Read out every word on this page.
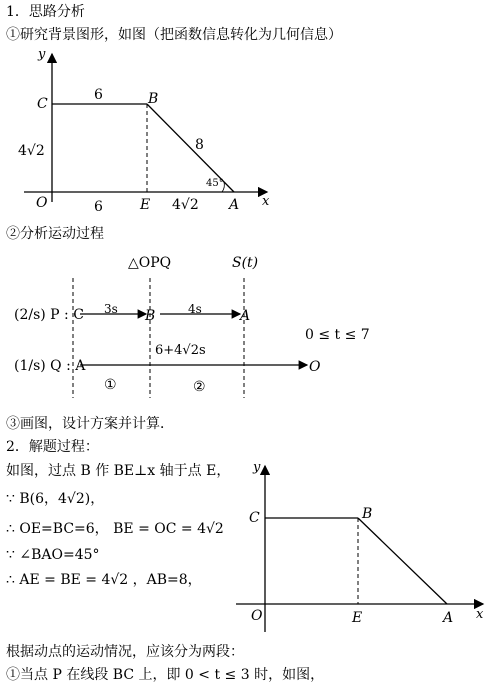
1．思路分析
①研究背景图形，如图（把函数信息转化为几何信息）
y
x
C	B
O	E	A
6
8
6
4√2
4√2
45°
②分析运动过程
△OPQ	S(t)
(2/s) P : C	B	A
3s	4s
0 ≤ t ≤ 7
6+4√2s
(1/s) Q : A	O
①	②
③画图，设计方案并计算．
2．解题过程：
如图，过点 B 作 BE⊥x 轴于点 E，
∵ B(6，4√2)，
∴ OE=BC=6， BE = OC = 4√2
∵ ∠BAO=45°
∴ AE = BE = 4√2 ，AB=8，
y
x
C	B
O	E	A
根据动点的运动情况，应该分为两段：
①当点 P 在线段 BC 上，即 0 < t ≤ 3 时，如图，
